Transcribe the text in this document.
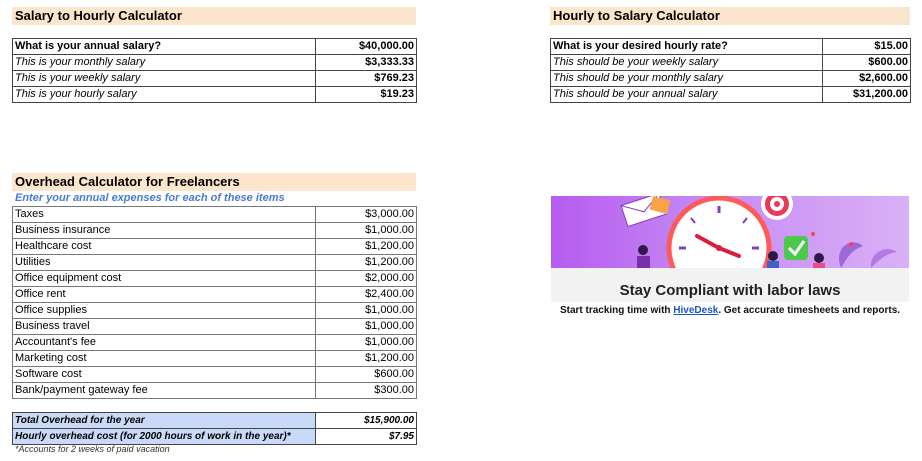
Salary to Hourly Calculator
What is your annual salary?	$40,000.00
This is your monthly salary	$3,333.33
This is your weekly salary	$769.23
This is your hourly salary	$19.23
Hourly to Salary Calculator
What is your desired hourly rate?	$15.00
This should be your weekly salary	$600.00
This should be your monthly salary	$2,600.00
This should be your annual salary	$31,200.00
Overhead Calculator for Freelancers
Enter your annual expenses for each of these items
Taxes	$3,000.00
Business insurance	$1,000.00
Healthcare cost	$1,200.00
Utilities	$1,200.00
Office equipment cost	$2,000.00
Office rent	$2,400.00
Office supplies	$1,000.00
Business travel	$1,000.00
Accountant's fee	$1,000.00
Marketing cost	$1,200.00
Software cost	$600.00
Bank/payment gateway fee	$300.00
Total Overhead for the year	$15,900.00
Hourly overhead cost (for 2000 hours of work in the year)*	$7.95
*Accounts for 2 weeks of paid vacation
Stay Compliant with labor laws
Start tracking time with HiveDesk. Get accurate timesheets and reports.
